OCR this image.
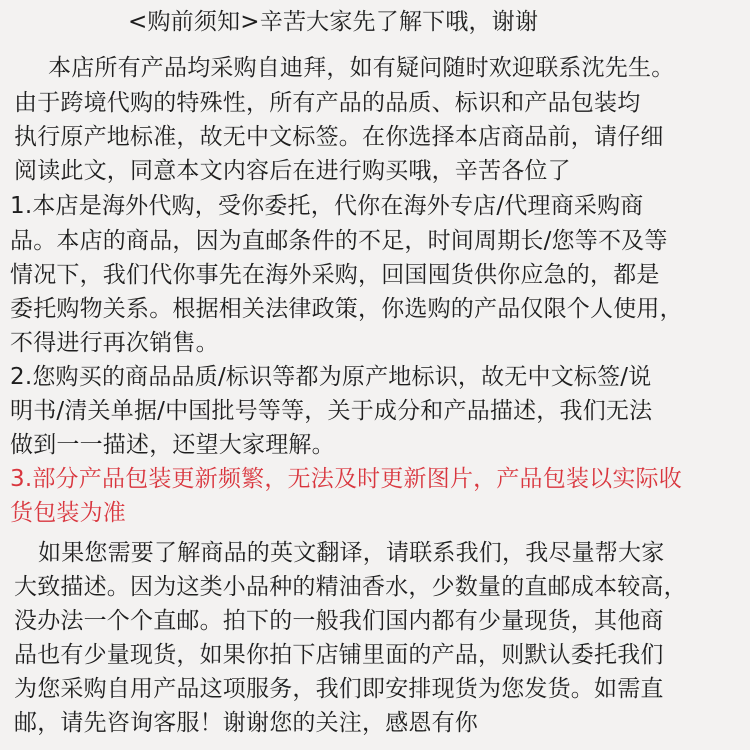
<购前须知>辛苦大家先了解下哦，谢谢
本店所有产品均采购自迪拜，如有疑问随时欢迎联系沈先生。
由于跨境代购的特殊性，所有产品的品质、标识和产品包装均
执行原产地标准，故无中文标签。在你选择本店商品前，请仔细
阅读此文，同意本文内容后在进行购买哦，辛苦各位了
1.本店是海外代购，受你委托，代你在海外专店/代理商采购商
品。本店的商品，因为直邮条件的不足，时间周期长/您等不及等
情况下，我们代你事先在海外采购，回国囤货供你应急的，都是
委托购物关系。根据相关法律政策，你选购的产品仅限个人使用，
不得进行再次销售。
2.您购买的商品品质/标识等都为原产地标识，故无中文标签/说
明书/清关单据/中国批号等等，关于成分和产品描述，我们无法
做到一一描述，还望大家理解。
3.部分产品包装更新频繁，无法及时更新图片，产品包装以实际收
货包装为准
如果您需要了解商品的英文翻译，请联系我们，我尽量帮大家
大致描述。因为这类小品种的精油香水，少数量的直邮成本较高，
没办法一个个直邮。拍下的一般我们国内都有少量现货，其他商
品也有少量现货，如果你拍下店铺里面的产品，则默认委托我们
为您采购自用产品这项服务，我们即安排现货为您发货。如需直
邮，请先咨询客服！谢谢您的关注，感恩有你
